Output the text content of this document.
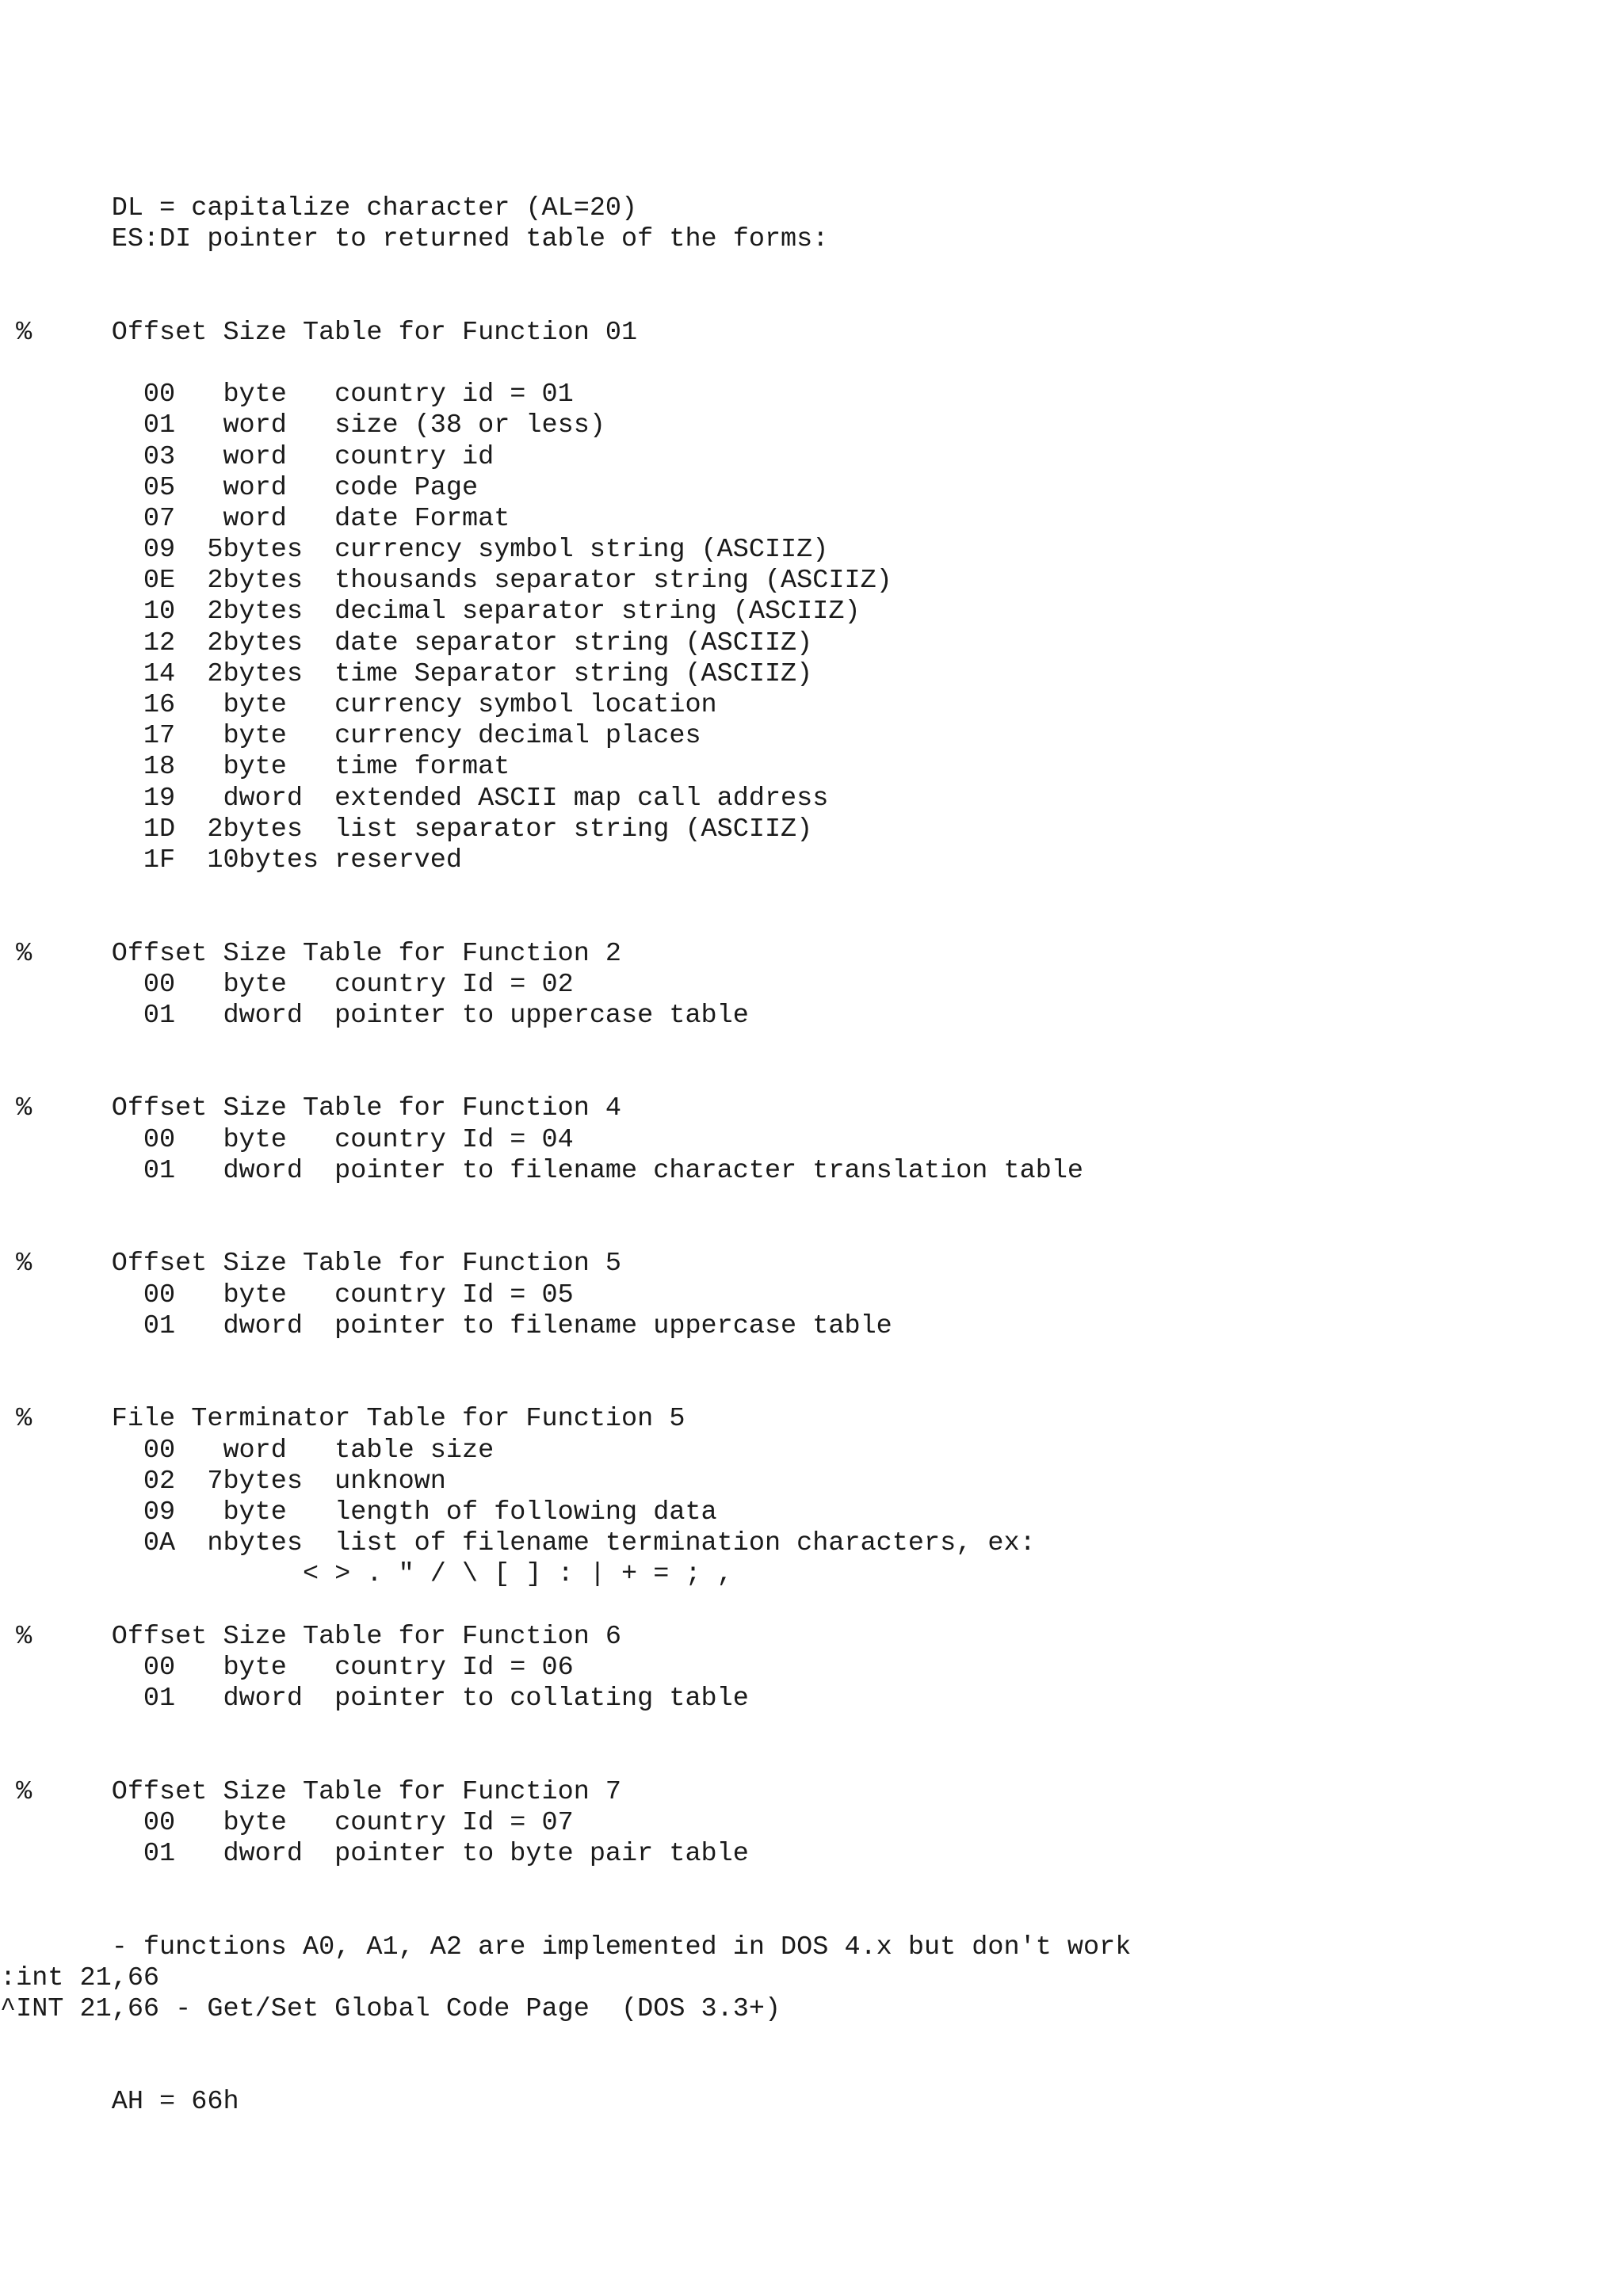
DL = capitalize character (AL=20)
ES:DI pointer to returned table of the forms:
%     Offset Size Table for Function 01
00   byte   country id = 01
01   word   size (38 or less)
03   word   country id
05   word   code Page
07   word   date Format
09  5bytes  currency symbol string (ASCIIZ)
0E  2bytes  thousands separator string (ASCIIZ)
10  2bytes  decimal separator string (ASCIIZ)
12  2bytes  date separator string (ASCIIZ)
14  2bytes  time Separator string (ASCIIZ)
16   byte   currency symbol location
17   byte   currency decimal places
18   byte   time format
19   dword  extended ASCII map call address
1D  2bytes  list separator string (ASCIIZ)
1F  10bytes reserved
%     Offset Size Table for Function 2
00   byte   country Id = 02
01   dword  pointer to uppercase table
%     Offset Size Table for Function 4
00   byte   country Id = 04
01   dword  pointer to filename character translation table
%     Offset Size Table for Function 5
00   byte   country Id = 05
01   dword  pointer to filename uppercase table
%     File Terminator Table for Function 5
00   word   table size
02  7bytes  unknown
09   byte   length of following data
0A  nbytes  list of filename termination characters, ex:
< > . " / \ [ ] : | + = ; ,
%     Offset Size Table for Function 6
00   byte   country Id = 06
01   dword  pointer to collating table
%     Offset Size Table for Function 7
00   byte   country Id = 07
01   dword  pointer to byte pair table
- functions A0, A1, A2 are implemented in DOS 4.x but don't work
:int 21,66
^INT 21,66 - Get/Set Global Code Page  (DOS 3.3+)
AH = 66h
